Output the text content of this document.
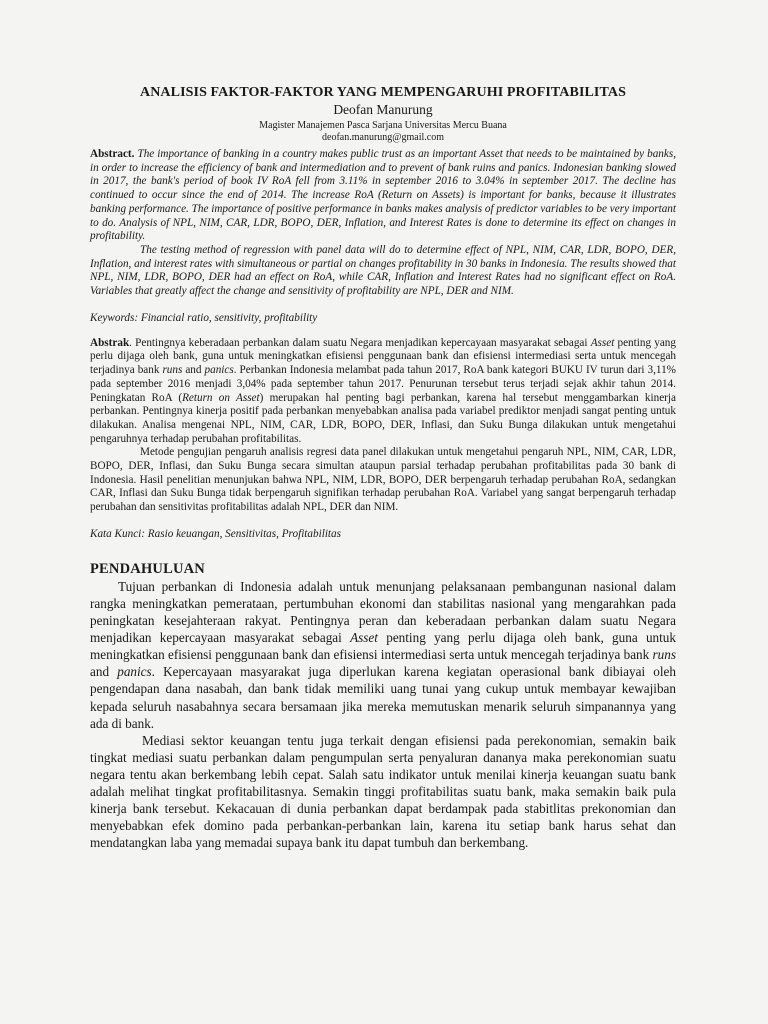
ANALISIS FAKTOR-FAKTOR YANG MEMPENGARUHI PROFITABILITAS
Deofan Manurung
Magister Manajemen Pasca Sarjana Universitas Mercu Buana
deofan.manurung@gmail.com

Abstract. The importance of banking in a country makes public trust as an important Asset that needs to be maintained by banks, in order to increase the efficiency of bank and intermediation and to prevent of bank ruins and panics. Indonesian banking slowed in 2017, the bank's period of book IV RoA fell from 3.11% in september 2016 to 3.04% in september 2017. The decline has continued to occur since the end of 2014. The increase RoA (Return on Assets) is important for banks, because it illustrates banking performance. The importance of positive performance in banks makes analysis of predictor variables to be very important to do. Analysis of NPL, NIM, CAR, LDR, BOPO, DER, Inflation, and Interest Rates is done to determine its effect on changes in profitability.

The testing method of regression with panel data will do to determine effect of NPL, NIM, CAR, LDR, BOPO, DER, Inflation, and interest rates with simultaneous or partial on changes profitability in 30 banks in Indonesia. The results showed that NPL, NIM, LDR, BOPO, DER had an effect on RoA, while CAR, Inflation and Interest Rates had no significant effect on RoA. Variables that greatly affect the change and sensitivity of profitability are NPL, DER and NIM.

Keywords: Financial ratio, sensitivity, profitability

Abstrak. Pentingnya keberadaan perbankan dalam suatu Negara menjadikan kepercayaan masyarakat sebagai Asset penting yang perlu dijaga oleh bank, guna untuk meningkatkan efisiensi penggunaan bank dan efisiensi intermediasi serta untuk mencegah terjadinya bank runs and panics. Perbankan Indonesia melambat pada tahun 2017, RoA bank kategori BUKU IV turun dari 3,11% pada september 2016 menjadi 3,04% pada september tahun 2017. Penurunan tersebut terus terjadi sejak akhir tahun 2014. Peningkatan RoA (Return on Asset) merupakan hal penting bagi perbankan, karena hal tersebut menggambarkan kinerja perbankan. Pentingnya kinerja positif pada perbankan menyebabkan analisa pada variabel prediktor menjadi sangat penting untuk dilakukan. Analisa mengenai NPL, NIM, CAR, LDR, BOPO, DER, Inflasi, dan Suku Bunga dilakukan untuk mengetahui pengaruhnya terhadap perubahan profitabilitas.

Metode pengujian pengaruh analisis regresi data panel dilakukan untuk mengetahui pengaruh NPL, NIM, CAR, LDR, BOPO, DER, Inflasi, dan Suku Bunga secara simultan ataupun parsial terhadap perubahan profitabilitas pada 30 bank di Indonesia. Hasil penelitian menunjukan bahwa NPL, NIM, LDR, BOPO, DER berpengaruh terhadap perubahan RoA, sedangkan CAR, Inflasi dan Suku Bunga tidak berpengaruh signifikan terhadap perubahan RoA. Variabel yang sangat berpengaruh terhadap perubahan dan sensitivitas profitabilitas adalah NPL, DER dan NIM.

Kata Kunci: Rasio keuangan, Sensitivitas, Profitabilitas
PENDAHULUAN

Tujuan perbankan di Indonesia adalah untuk menunjang pelaksanaan pembangunan nasional dalam rangka meningkatkan pemerataan, pertumbuhan ekonomi dan stabilitas nasional yang mengarahkan pada peningkatan kesejahteraan rakyat. Pentingnya peran dan keberadaan perbankan dalam suatu Negara menjadikan kepercayaan masyarakat sebagai Asset penting yang perlu dijaga oleh bank, guna untuk meningkatkan efisiensi penggunaan bank dan efisiensi intermediasi serta untuk mencegah terjadinya bank runs and panics. Kepercayaan masyarakat juga diperlukan karena kegiatan operasional bank dibiayai oleh pengendapan dana nasabah, dan bank tidak memiliki uang tunai yang cukup untuk membayar kewajiban kepada seluruh nasabahnya secara bersamaan jika mereka memutuskan menarik seluruh simpanannya yang ada di bank.

Mediasi sektor keuangan tentu juga terkait dengan efisiensi pada perekonomian, semakin baik tingkat mediasi suatu perbankan dalam pengumpulan serta penyaluran dananya maka perekonomian suatu negara tentu akan berkembang lebih cepat. Salah satu indikator untuk menilai kinerja keuangan suatu bank adalah melihat tingkat profitabilitasnya. Semakin tinggi profitabilitas suatu bank, maka semakin baik pula kinerja bank tersebut. Kekacauan di dunia perbankan dapat berdampak pada stabitlitas prekonomian dan menyebabkan efek domino pada perbankan-perbankan lain, karena itu setiap bank harus sehat dan mendatangkan laba yang memadai supaya bank itu dapat tumbuh dan berkembang.
